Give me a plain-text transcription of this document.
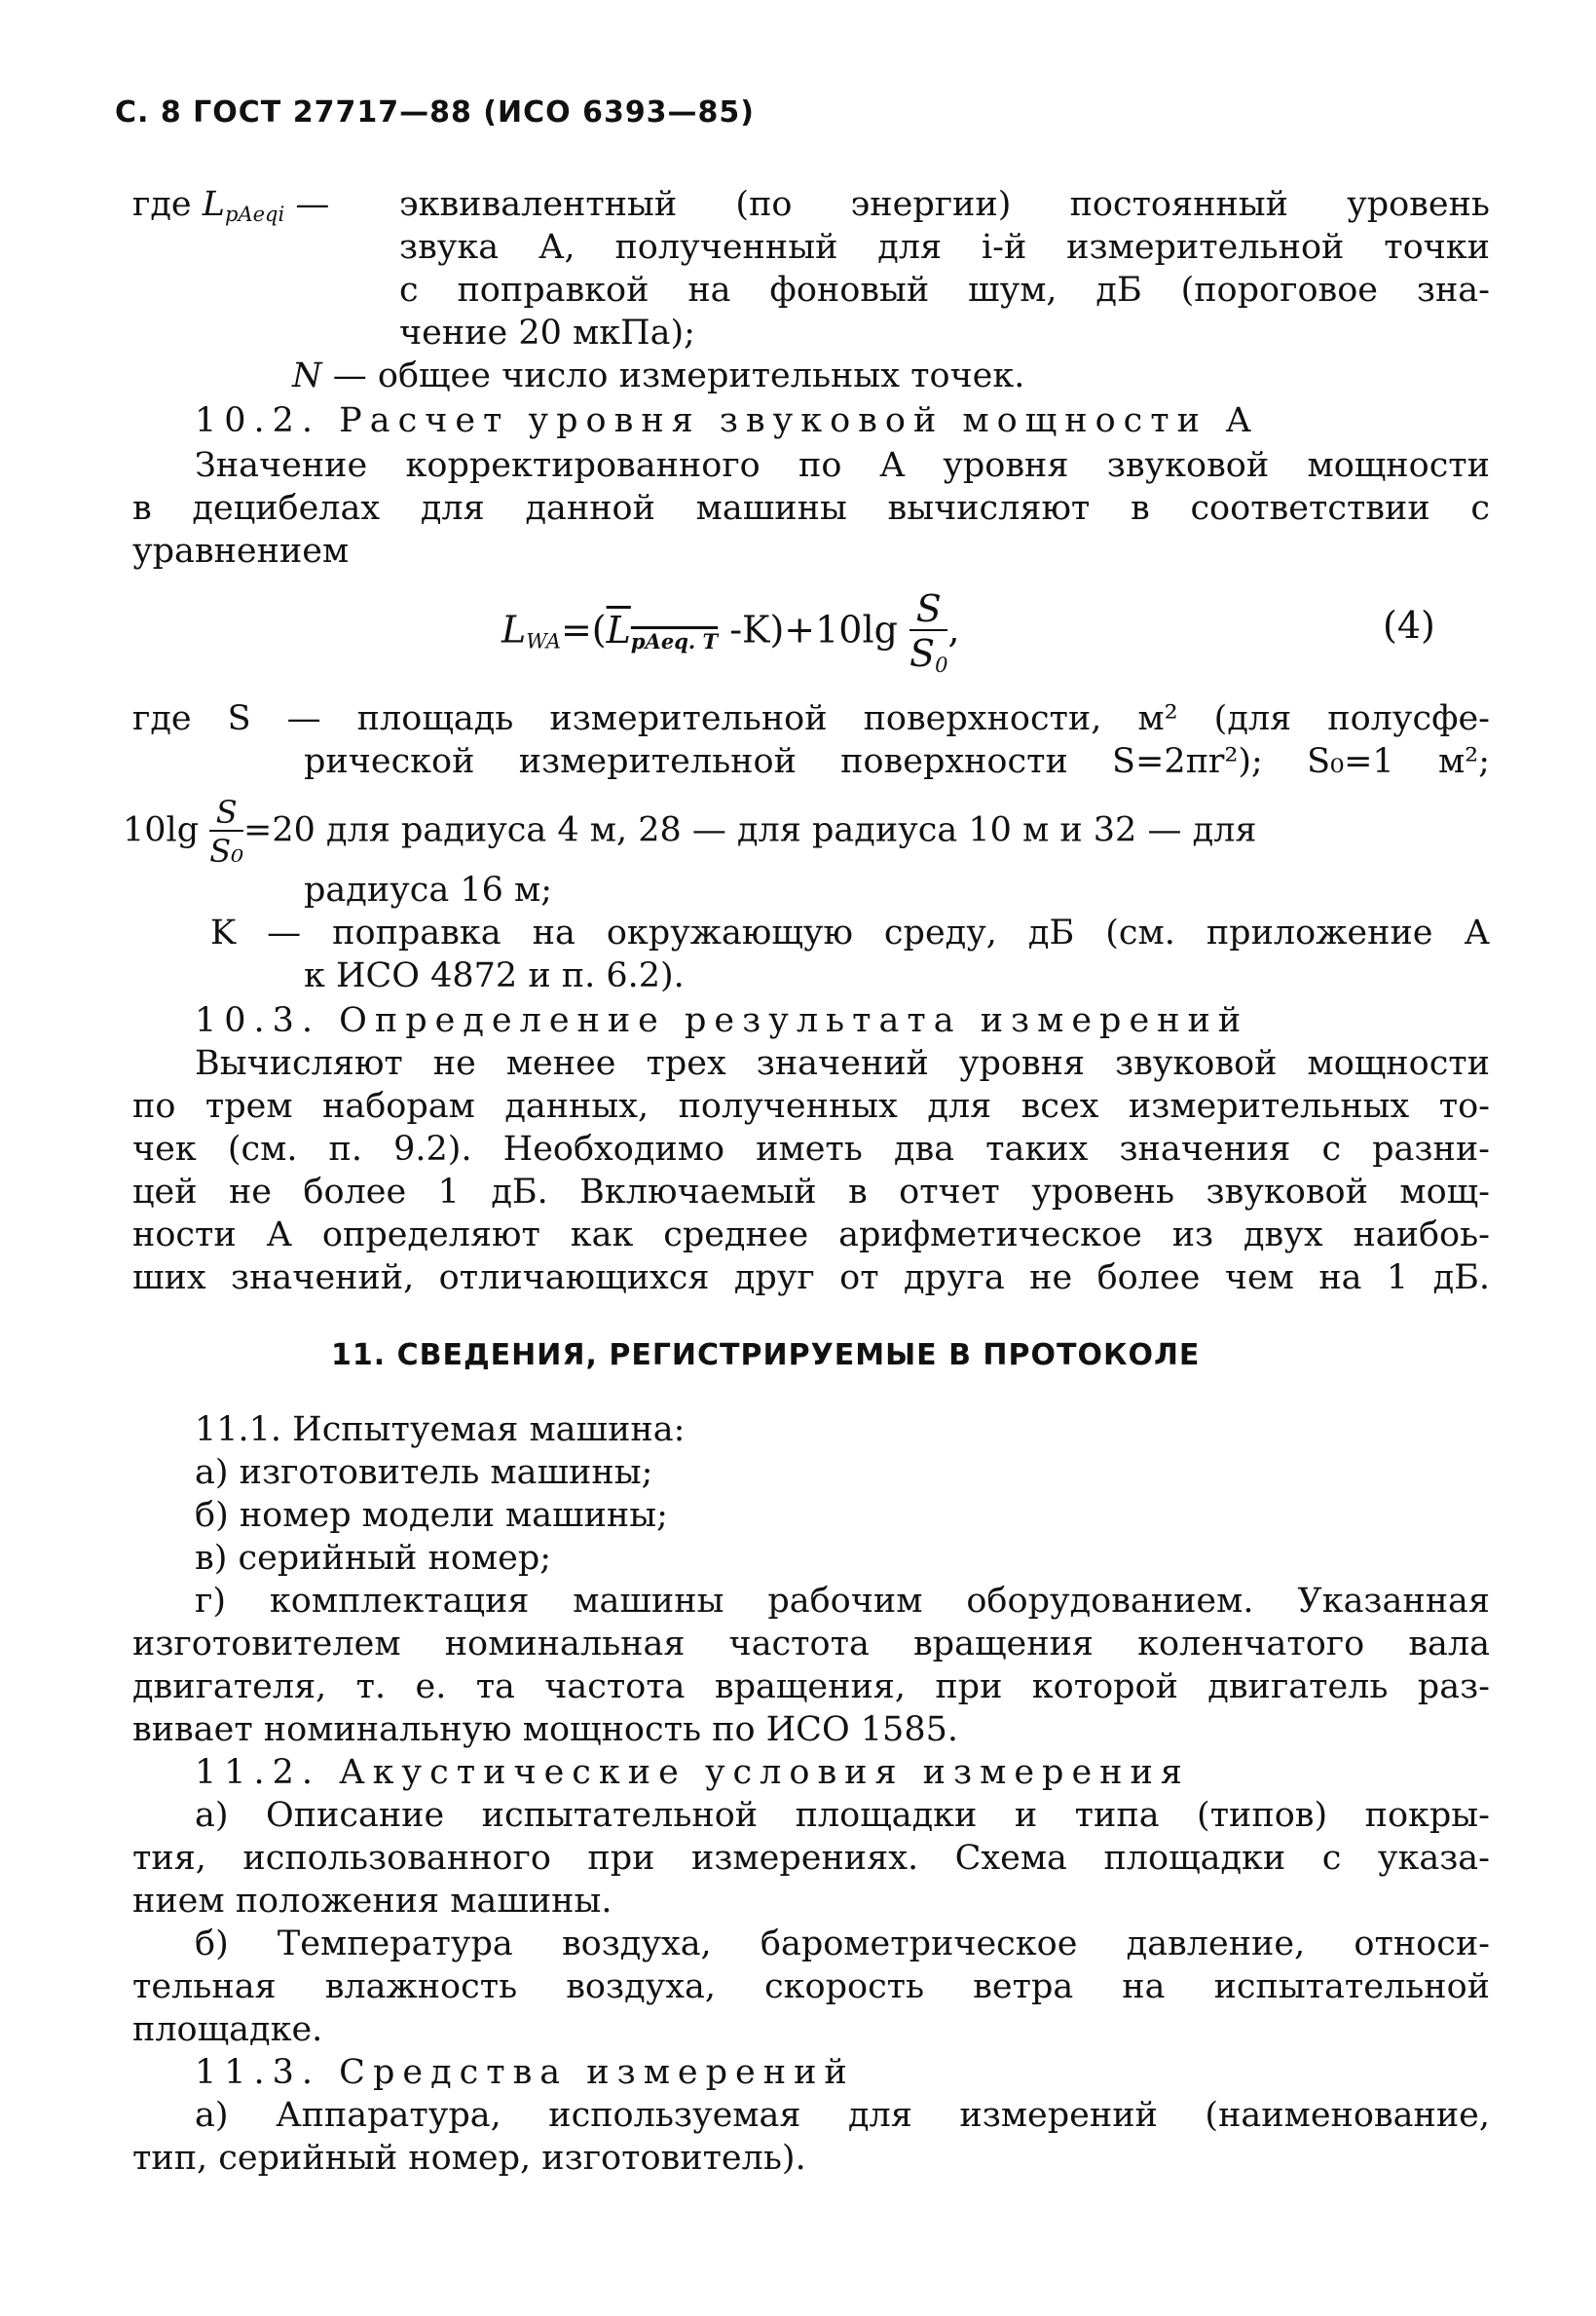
С. 8 ГОСТ 27717—88 (ИСО 6393—85)
где $L_{pAeqi}$ — эквивалентный (по энергии) постоянный уровень
звука А, полученный для i-й измерительной точки
с поправкой на фоновый шум, дБ (пороговое зна-
чение 20 мкПа);
N — общее число измерительных точек.
10.2. Расчет уровня звуковой мощности A
Значение корректированного по A уровня звуковой мощности
в децибелах для данной машины вычисляют в соответствии с
уравнением
$L_{WA}=(L_{pAeq. T}$ $-K)+10\lg \frac{S}{S_0}$ ,	(4)
где S — площадь измерительной поверхности, м² (для полусфе-
рической измерительной поверхности S=2πr²); S₀=1 м²;
$10\lg \frac{S}{\text{S₀}} =20$ для радиуса 4 м, 28 — для радиуса 10 м и 32 — для
радиуса 16 м;
K — поправка на окружающую среду, дБ (см. приложение А
к ИСО 4872 и п. 6.2).
10.3. Определение результата измерений
Вычисляют не менее трех значений уровня звуковой мощности
по трем наборам данных, полученных для всех измерительных то-
чек (см. п. 9.2). Необходимо иметь два таких значения с разни-
цей не более 1 дБ. Включаемый в отчет уровень звуковой мощ-
ности А определяют как среднее арифметическое из двух наибоь-
ших значений, отличающихся друг от друга не более чем на 1 дБ.
11. СВЕДЕНИЯ, РЕГИСТРИРУЕМЫЕ В ПРОТОКОЛЕ
11.1. Испытуемая машина:
а) изготовитель машины;
б) номер модели машины;
в) серийный номер;
г) комплектация машины рабочим оборудованием. Указанная
изготовителем номинальная частота вращения коленчатого вала
двигателя, т. е. та частота вращения, при которой двигатель раз-
вивает номинальную мощность по ИСО 1585.
11.2. Акустические условия измерения
а) Описание испытательной площадки и типа (типов) покры-
тия, использованного при измерениях. Схема площадки с указа-
нием положения машины.
б) Температура воздуха, барометрическое давление, относи-
тельная влажность воздуха, скорость ветра на испытательной
площадке.
11.3. Средства измерений
а) Аппаратура, используемая для измерений (наименование,
тип, серийный номер, изготовитель).
